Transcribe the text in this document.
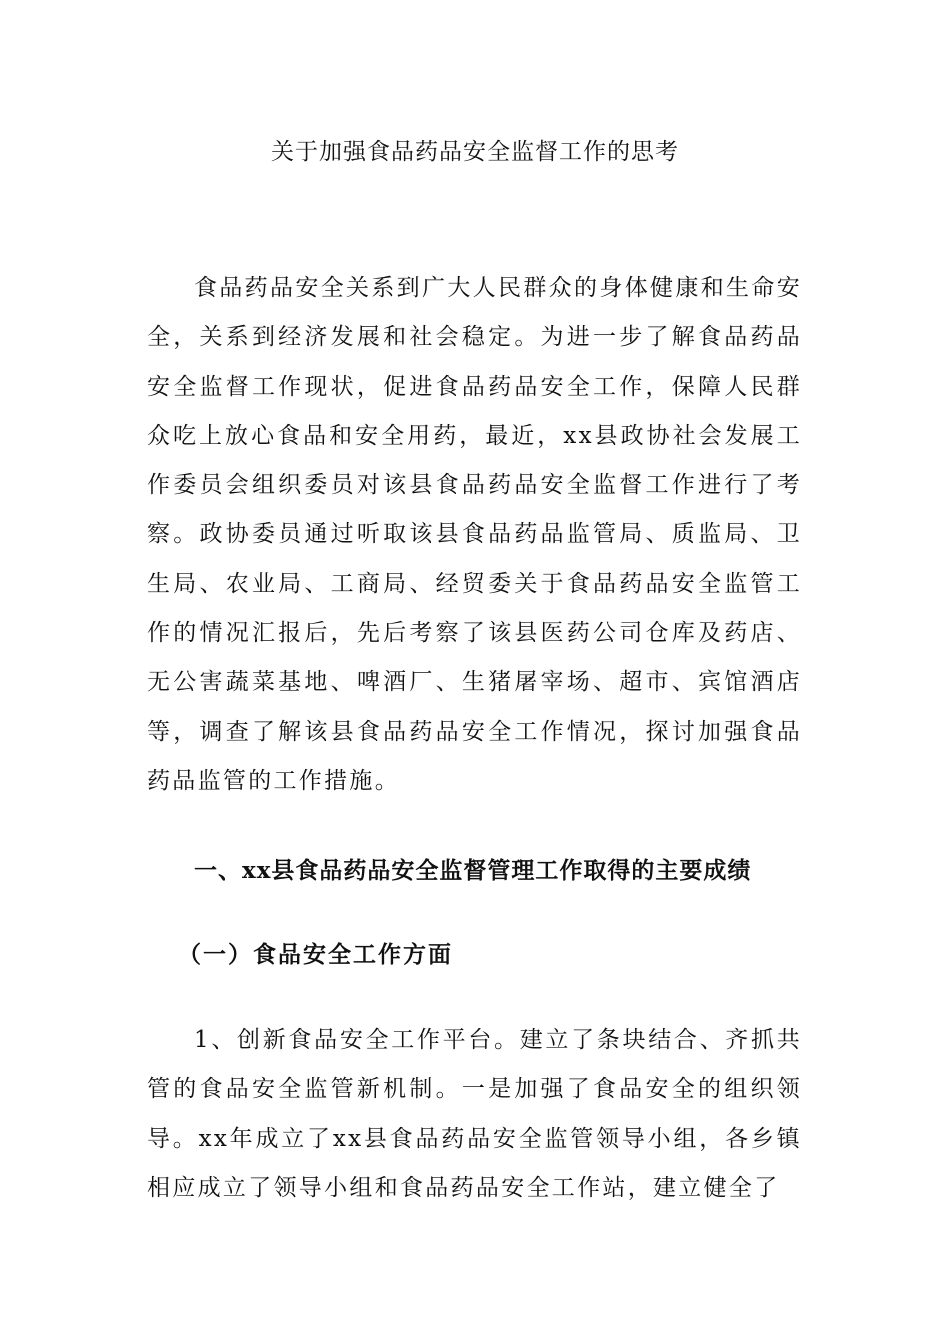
关于加强食品药品安全监督工作的思考

食品药品安全关系到广大人民群众的身体健康和生命安全，关系到经济发展和社会稳定。为进一步了解食品药品安全监督工作现状，促进食品药品安全工作，保障人民群众吃上放心食品和安全用药，最近，xx县政协社会发展工作委员会组织委员对该县食品药品安全监督工作进行了考察。政协委员通过听取该县食品药品监管局、质监局、卫生局、农业局、工商局、经贸委关于食品药品安全监管工作的情况汇报后，先后考察了该县医药公司仓库及药店、无公害蔬菜基地、啤酒厂、生猪屠宰场、超市、宾馆酒店等，调查了解该县食品药品安全工作情况，探讨加强食品药品监管的工作措施。

一、xx县食品药品安全监督管理工作取得的主要成绩
（一）食品安全工作方面

1、创新食品安全工作平台。建立了条块结合、齐抓共管的食品安全监管新机制。一是加强了食品安全的组织领导。xx年成立了xx县食品药品安全监管领导小组，各乡镇相应成立了领导小组和食品药品安全工作站，建立健全了
